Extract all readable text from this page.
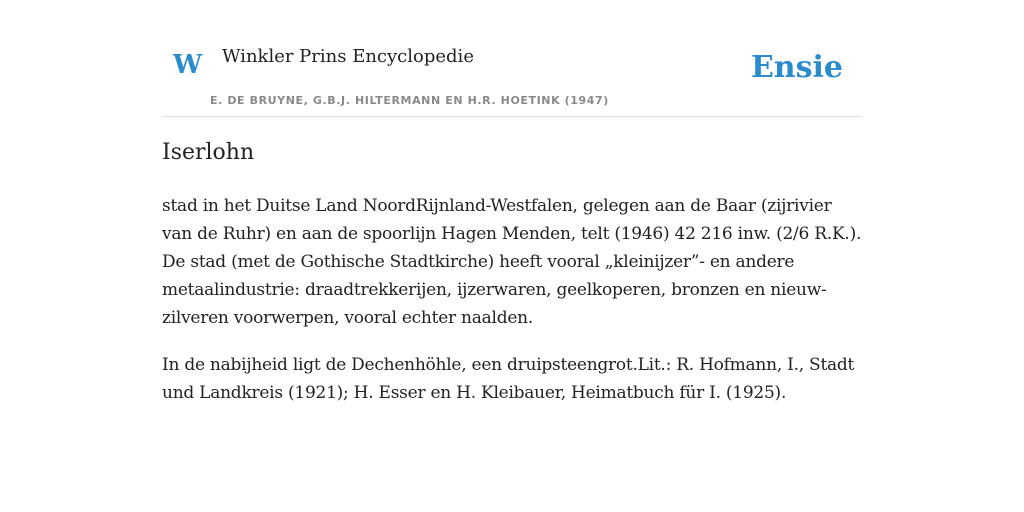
W Winkler Prins Encyclopedie
E. DE BRUYNE, G.B.J. HILTERMANN EN H.R. HOETINK (1947)
Ensie
Iserlohn

stad in het Duitse Land NoordRijnland-Westfalen, gelegen aan de Baar (zijrivier van de Ruhr) en aan de spoorlijn Hagen Menden, telt (1946) 42 216 inw. (2/6 R.K.). De stad (met de Gothische Stadtkirche) heeft vooral „kleinijzer”- en andere metaalindustrie: draadtrekkerijen, ijzerwaren, geelkoperen, bronzen en nieuw-zilveren voorwerpen, vooral echter naalden.

In de nabijheid ligt de Dechenhöhle, een druipsteengrot.Lit.: R. Hofmann, I., Stadt und Landkreis (1921); H. Esser en H. Kleibauer, Heimatbuch für I. (1925).
